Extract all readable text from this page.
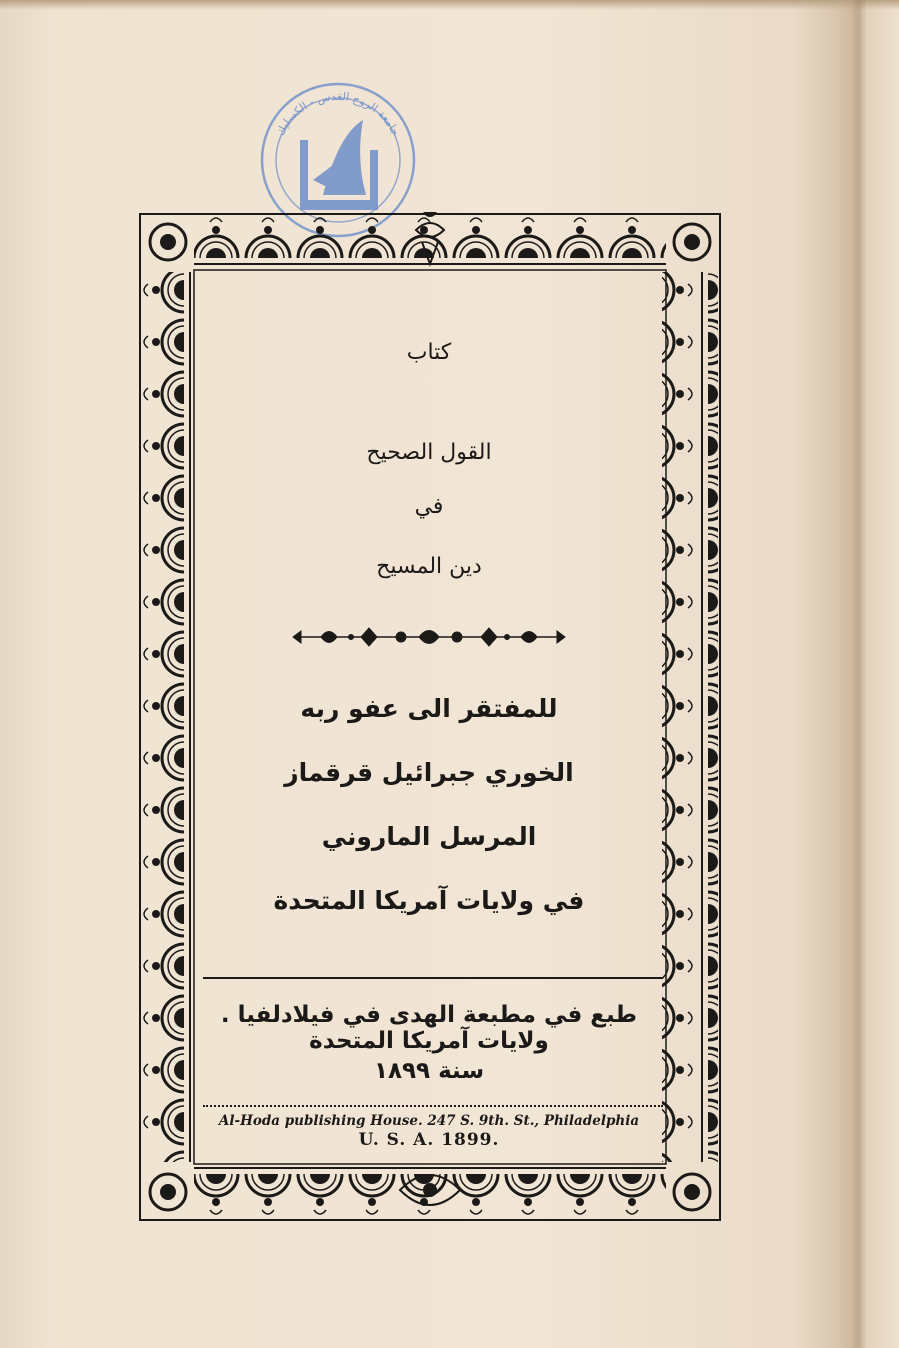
جامعة الروح القدس - الكسليك
كتاب
القول الصحيح
في
دين المسيح
للمفتقر الى عفو ربه
الخوري جبرائيل قرقماز
المرسل الماروني
في ولايات آمريكا المتحدة
طبع في مطبعة الهدى في فيلادلفيا . ولايات آمريكا المتحدة
سنة ١٨٩٩
Al-Hoda publishing House. 247 S. 9th. St., Philadelphia
U. S. A. 1899.
